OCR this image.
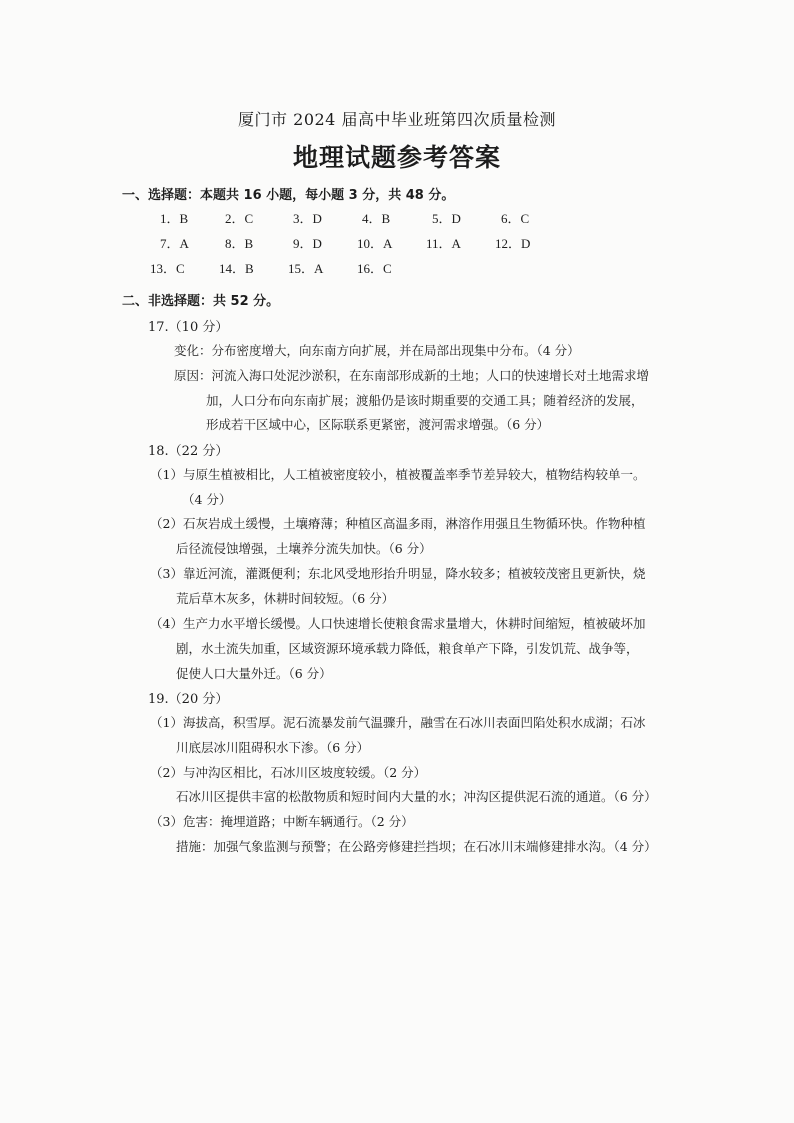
厦门市 2024 届高中毕业班第四次质量检测
地理试题参考答案
一、选择题：本题共 16 小题，每小题 3 分，共 48 分。
1．B	2．C	3．D	4．B	5．D	6．C
7．A	8．B	9．D	10．A	11．A	12．D
13．C	14．B	15．A	16．C
二、非选择题：共 52 分。
17.（10 分）
变化：分布密度增大，向东南方向扩展，并在局部出现集中分布。（4 分）
原因：河流入海口处泥沙淤积，在东南部形成新的土地；人口的快速增长对土地需求增
加，人口分布向东南扩展；渡船仍是该时期重要的交通工具；随着经济的发展，
形成若干区域中心，区际联系更紧密，渡河需求增强。（6 分）
18.（22 分）
（1）与原生植被相比，人工植被密度较小，植被覆盖率季节差异较大，植物结构较单一。
（4 分）
（2）石灰岩成土缓慢，土壤瘠薄；种植区高温多雨，淋溶作用强且生物循环快。作物种植
后径流侵蚀增强，土壤养分流失加快。（6 分）
（3）靠近河流，灌溉便利；东北风受地形抬升明显，降水较多；植被较茂密且更新快，烧
荒后草木灰多，休耕时间较短。（6 分）
（4）生产力水平增长缓慢。人口快速增长使粮食需求量增大，休耕时间缩短，植被破坏加
剧，水土流失加重，区域资源环境承载力降低，粮食单产下降，引发饥荒、战争等，
促使人口大量外迁。（6 分）
19.（20 分）
（1）海拔高，积雪厚。泥石流暴发前气温骤升，融雪在石冰川表面凹陷处积水成湖；石冰
川底层冰川阻碍积水下渗。（6 分）
（2）与冲沟区相比，石冰川区坡度较缓。（2 分）
石冰川区提供丰富的松散物质和短时间内大量的水；冲沟区提供泥石流的通道。（6 分）
（3）危害：掩埋道路；中断车辆通行。（2 分）
措施：加强气象监测与预警；在公路旁修建拦挡坝；在石冰川末端修建排水沟。（4 分）
